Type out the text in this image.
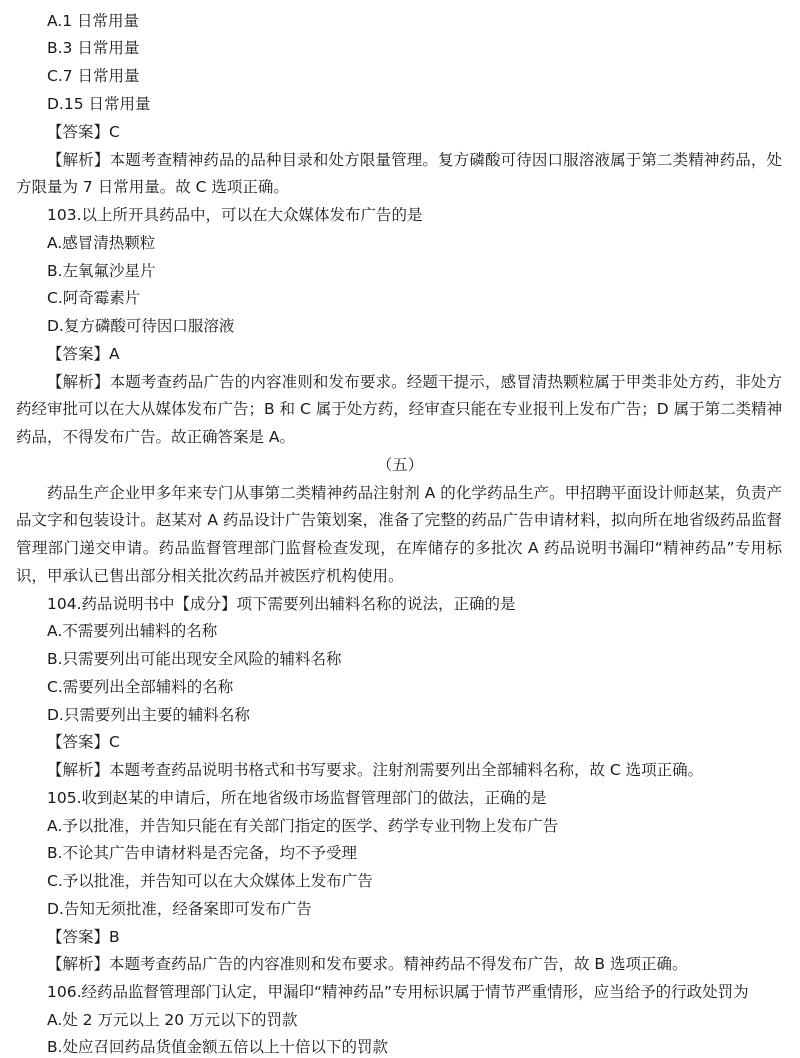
A.1 日常用量
B.3 日常用量
C.7 日常用量
D.15 日常用量
【答案】C
【解析】本题考查精神药品的品种目录和处方限量管理。复方磷酸可待因口服溶液属于第二类精神药品，处
方限量为 7 日常用量。故 C 选项正确。
103.以上所开具药品中，可以在大众媒体发布广告的是
A.感冒清热颗粒
B.左氧氟沙星片
C.阿奇霉素片
D.复方磷酸可待因口服溶液
【答案】A
【解析】本题考查药品广告的内容准则和发布要求。经题干提示，感冒清热颗粒属于甲类非处方药，非处方
药经审批可以在大从媒体发布广告；B 和 C 属于处方药，经审查只能在专业报刊上发布广告；D 属于第二类精神
药品，不得发布广告。故正确答案是 A。
（五）
药品生产企业甲多年来专门从事第二类精神药品注射剂 A 的化学药品生产。甲招聘平面设计师赵某，负责产
品文字和包装设计。赵某对 A 药品设计广告策划案，准备了完整的药品广告申请材料，拟向所在地省级药品监督
管理部门递交申请。药品监督管理部门监督检查发现，在库储存的多批次 A 药品说明书漏印“精神药品”专用标
识，甲承认已售出部分相关批次药品并被医疗机构使用。
104.药品说明书中【成分】项下需要列出辅料名称的说法，正确的是
A.不需要列出辅料的名称
B.只需要列出可能出现安全风险的辅料名称
C.需要列出全部辅料的名称
D.只需要列出主要的辅料名称
【答案】C
【解析】本题考查药品说明书格式和书写要求。注射剂需要列出全部辅料名称，故 C 选项正确。
105.收到赵某的申请后，所在地省级市场监督管理部门的做法，正确的是
A.予以批准，并告知只能在有关部门指定的医学、药学专业刊物上发布广告
B.不论其广告申请材料是否完备，均不予受理
C.予以批准，并告知可以在大众媒体上发布广告
D.告知无须批准，经备案即可发布广告
【答案】B
【解析】本题考查药品广告的内容准则和发布要求。精神药品不得发布广告，故 B 选项正确。
106.经药品监督管理部门认定，甲漏印“精神药品”专用标识属于情节严重情形，应当给予的行政处罚为
A.处 2 万元以上 20 万元以下的罚款
B.处应召回药品货值金额五倍以上十倍以下的罚款
